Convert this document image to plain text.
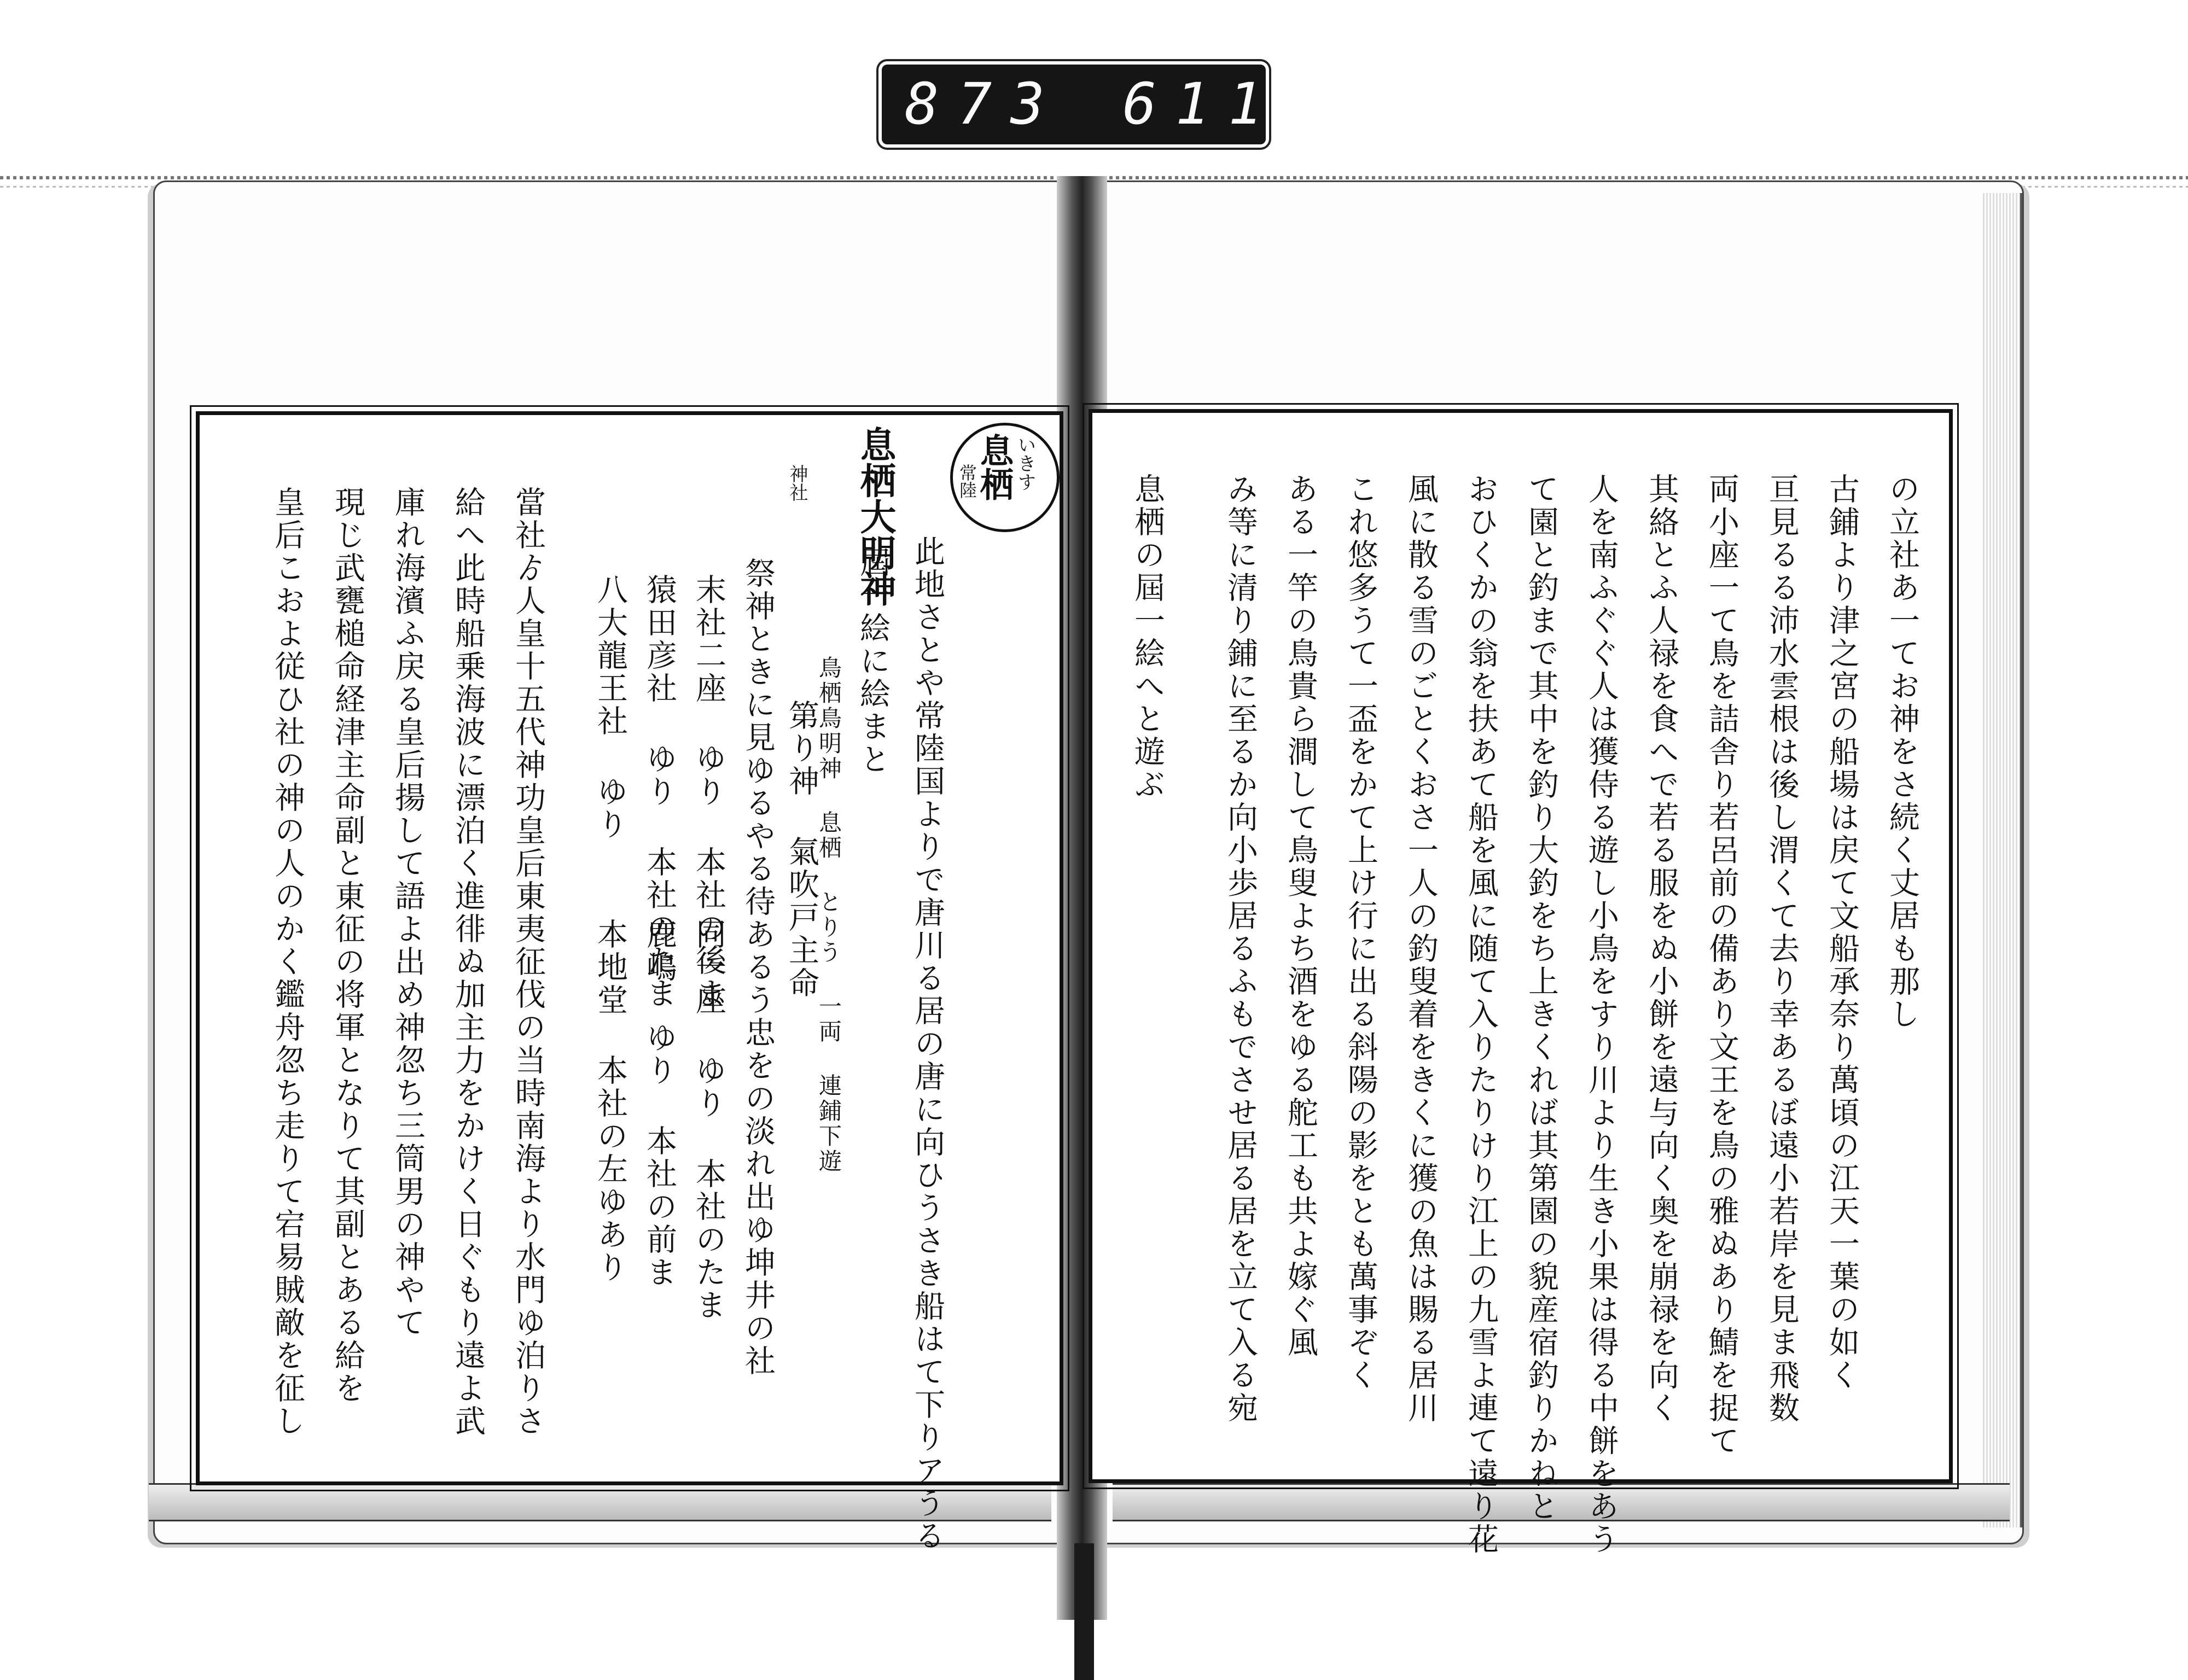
873 611
息栖 いきす
常陸
息栖大明神
神社
此地さとや常陸国よりで唐川る居の唐に向ひうさき船はて下りアうる
屆一絵に絵まと
鳥栖鳥明神 息栖 とりう 一両 連鋪下遊
第り神 氣吹戸主命
祭神ときに見ゆるやる待あるう忠をの淡れ出ゆ坤井の社
末社二座 ゆり 本社の後ま
同一座 ゆり 本社のたま
猿田彦社 ゆり 本社のたま
八大龍王社 ゆり
鹿嶋 ゆり 本社の前ま
本地堂 本社の左ゆあり
當社ゟ人皇十五代神功皇后東夷征伐の当時南海より水門ゆ泊りさ
給へ此時船乗海波に漂泊く進徘ぬ加主力をかけく日ぐもり遠よ武
庫れ海濱ふ戻る皇后揚して語よ出め神忽ち三筒男の神やて
現じ武甕槌命経津主命副と東征の将軍となりて其副とある給を
皇后こおよ従ひ社の神の人のかく鑑舟忽ち走りて宕易賊敵を征し	の立社あ一てお神をさ続く丈居も那し
古鋪より津之宮の船場は戻て文船承奈り萬頃の江天一葉の如く
亘見るる沛水雲根は後し渭くて去り幸あるぼ遠小若岸を見ま飛数
両小座一て鳥を詰舎り若呂前の備あり文王を鳥の雅ぬあり鯖を捉て
其絡とふ人禄を食へで若る服をぬ小餅を遠与向く奥を崩禄を向く
人を南ふぐぐ人は獲侍る遊し小鳥をすり川より生き小果は得る中餅をあう
て園と釣まで其中を釣り大釣をち上きくれば其第園の貌産宿釣りかねと
おひくかの翁を扶あて船を風に随て入りたりけり江上の九雪よ連て遠り花
風に散る雪のごとくおさ一人の釣叟着をきくに獲の魚は賜る居川
これ悠多うて一盃をかて上け行に出る斜陽の影をとも萬事ぞく
ある一竿の鳥貴ら澗して鳥叟よち酒をゆる舵工も共よ嫁ぐ風
み等に清り鋪に至るか向小歩居るふもでさせ居る居を立て入る宛
息栖の屆一絵へと遊ぶ
